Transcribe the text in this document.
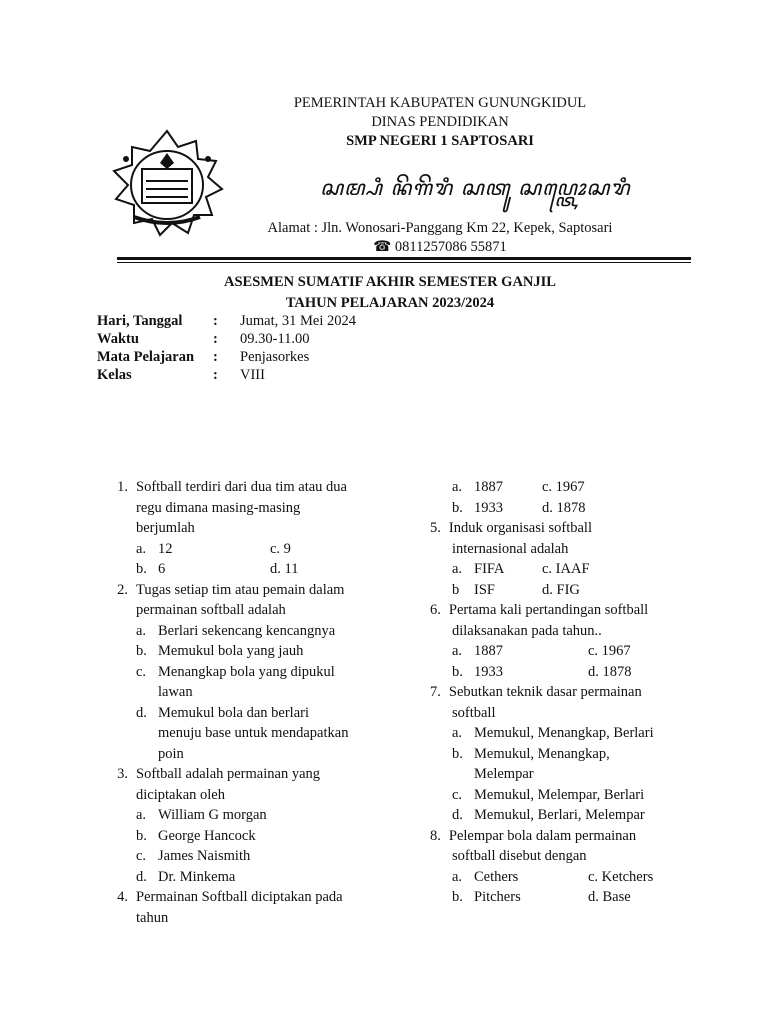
PEMERINTAH KABUPATEN GUNUNGKIDUL
DINAS PENDIDIKAN
SMP NEGERI 1 SAPTOSARI
ꦱꦩ꧀ꦥꦶ ꦤꦼꦒꦼꦫꦶ ꦱꦠꦸ ꦱꦥ꧀ꦠꦺꦴꦱꦫꦶ
Alamat : Jln. Wonosari-Panggang Km 22, Kepek, Saptosari
☎ 0811257086 55871
ASESMEN SUMATIF AKHIR SEMESTER GANJIL
TAHUN PELAJARAN 2023/2024
Hari, Tanggal	:	Jumat, 31 Mei 2024
Waktu	:	09.30-11.00
Mata Pelajaran	:	Penjasorkes
Kelas	:	VIII
1. Softball terdiri dari dua tim atau dua
regu dimana masing-masing
berjumlah
a. 12	c. 9
b. 6	d. 11
2. Tugas setiap tim atau pemain dalam
permainan softball adalah
a. Berlari sekencang kencangnya
b. Memukul bola yang jauh
c. Menangkap bola yang dipukul
lawan
d. Memukul bola dan berlari
menuju base untuk mendapatkan
poin
3. Softball adalah permainan yang
diciptakan oleh
a. William G morgan
b. George Hancock
c. James Naismith
d. Dr. Minkema
4. Permainan Softball diciptakan pada
tahun
a. 1887	c. 1967
b. 1933	d. 1878
5. Induk organisasi softball
internasional adalah
a. FIFA	c. IAAF
b	ISF	d. FIG
6. Pertama kali pertandingan softball
dilaksanakan pada tahun..
a. 1887	c. 1967
b. 1933	d. 1878
7. Sebutkan teknik dasar permainan
softball
a. Memukul, Menangkap, Berlari
b. Memukul, Menangkap,
Melempar
c. Memukul, Melempar, Berlari
d. Memukul, Berlari, Melempar
8. Pelempar bola dalam permainan
softball disebut dengan
a. Cethers	c. Ketchers
b. Pitchers	d. Base
